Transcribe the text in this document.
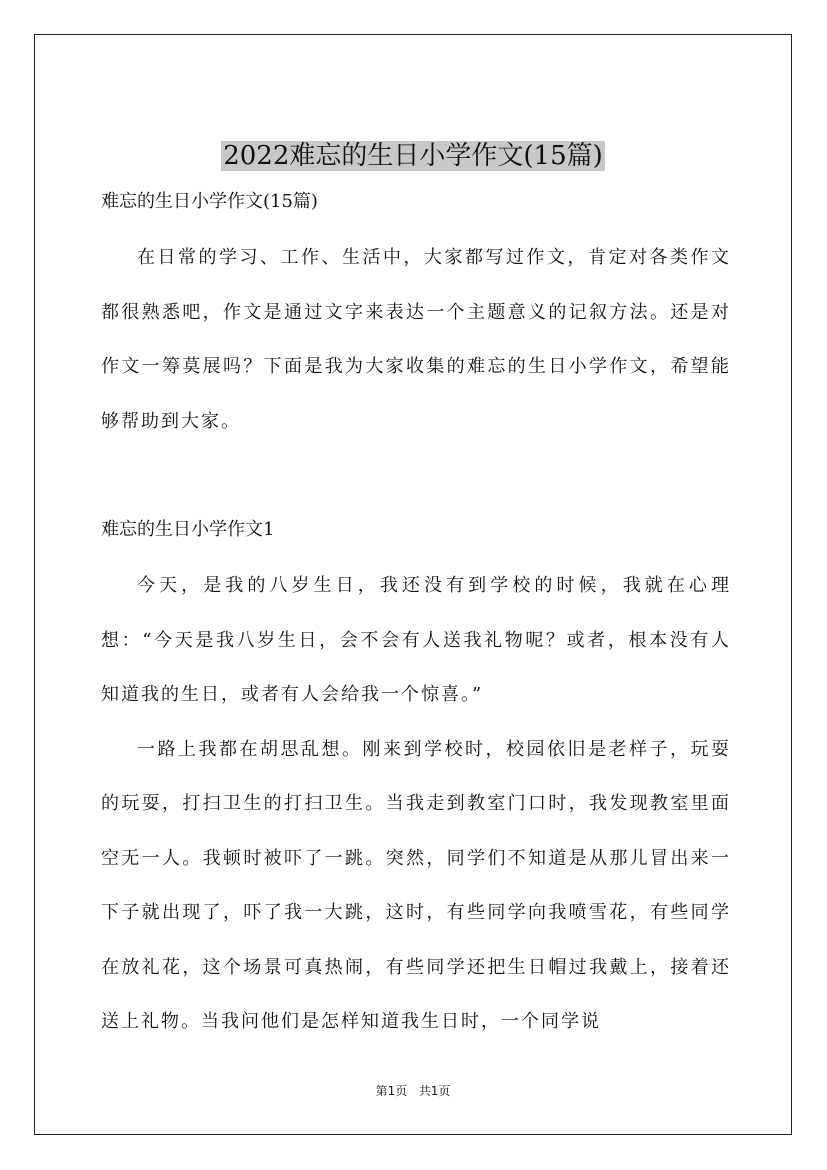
2022难忘的生日小学作文(15篇)

难忘的生日小学作文(15篇)

在日常的学习、工作、生活中，大家都写过作文，肯定对各类作文都很熟悉吧，作文是通过文字来表达一个主题意义的记叙方法。还是对作文一筹莫展吗？下面是我为大家收集的难忘的生日小学作文，希望能够帮助到大家。

难忘的生日小学作文1

今天，是我的八岁生日，我还没有到学校的时候，我就在心理想：“今天是我八岁生日，会不会有人送我礼物呢？或者，根本没有人知道我的生日，或者有人会给我一个惊喜。”

一路上我都在胡思乱想。刚来到学校时，校园依旧是老样子，玩耍的玩耍，打扫卫生的打扫卫生。当我走到教室门口时，我发现教室里面空无一人。我顿时被吓了一跳。突然，同学们不知道是从那儿冒出来一下子就出现了，吓了我一大跳，这时，有些同学向我喷雪花，有些同学在放礼花，这个场景可真热闹，有些同学还把生日帽过我戴上，接着还送上礼物。当我问他们是怎样知道我生日时，一个同学说

第1页 共1页
